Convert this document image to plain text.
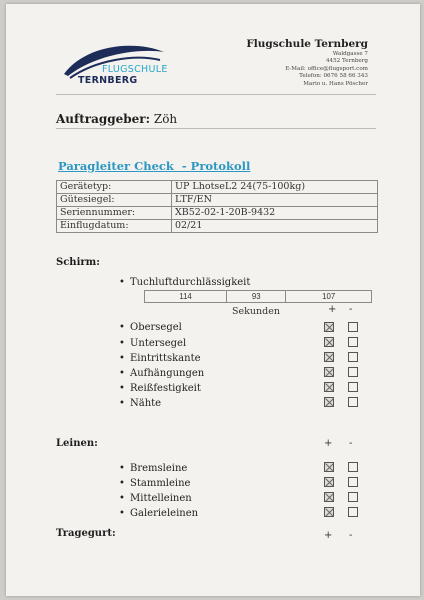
FLUGSCHULE
TERNBERG
Flugschule Ternberg
Waldgasse 7
4452 Ternberg
E-Mail: office@flugsport.com
Telefon: 0676 58 66 343
Mario u. Hans Pöscher
Auftraggeber: Zöh
Paragleiter Check  - Protokoll
Gerätetyp:	UP LhotseL2 24(75-100kg)
Gütesiegel:	LTF/EN
Seriennummer:	XB52-02-1-20B-9432
Einflugdatum:	02/21
Schirm:
• Tuchluftdurchlässigkeit
114	93	107
Sekunden	+ -
• Obersegel
• Untersegel
• Eintrittskante
• Aufhängungen
• Reißfestigkeit
• Nähte
Leinen:	+ -
• Bremsleine
• Stammleine
• Mittelleinen
• Galerieleinen
Tragegurt:	+ -
